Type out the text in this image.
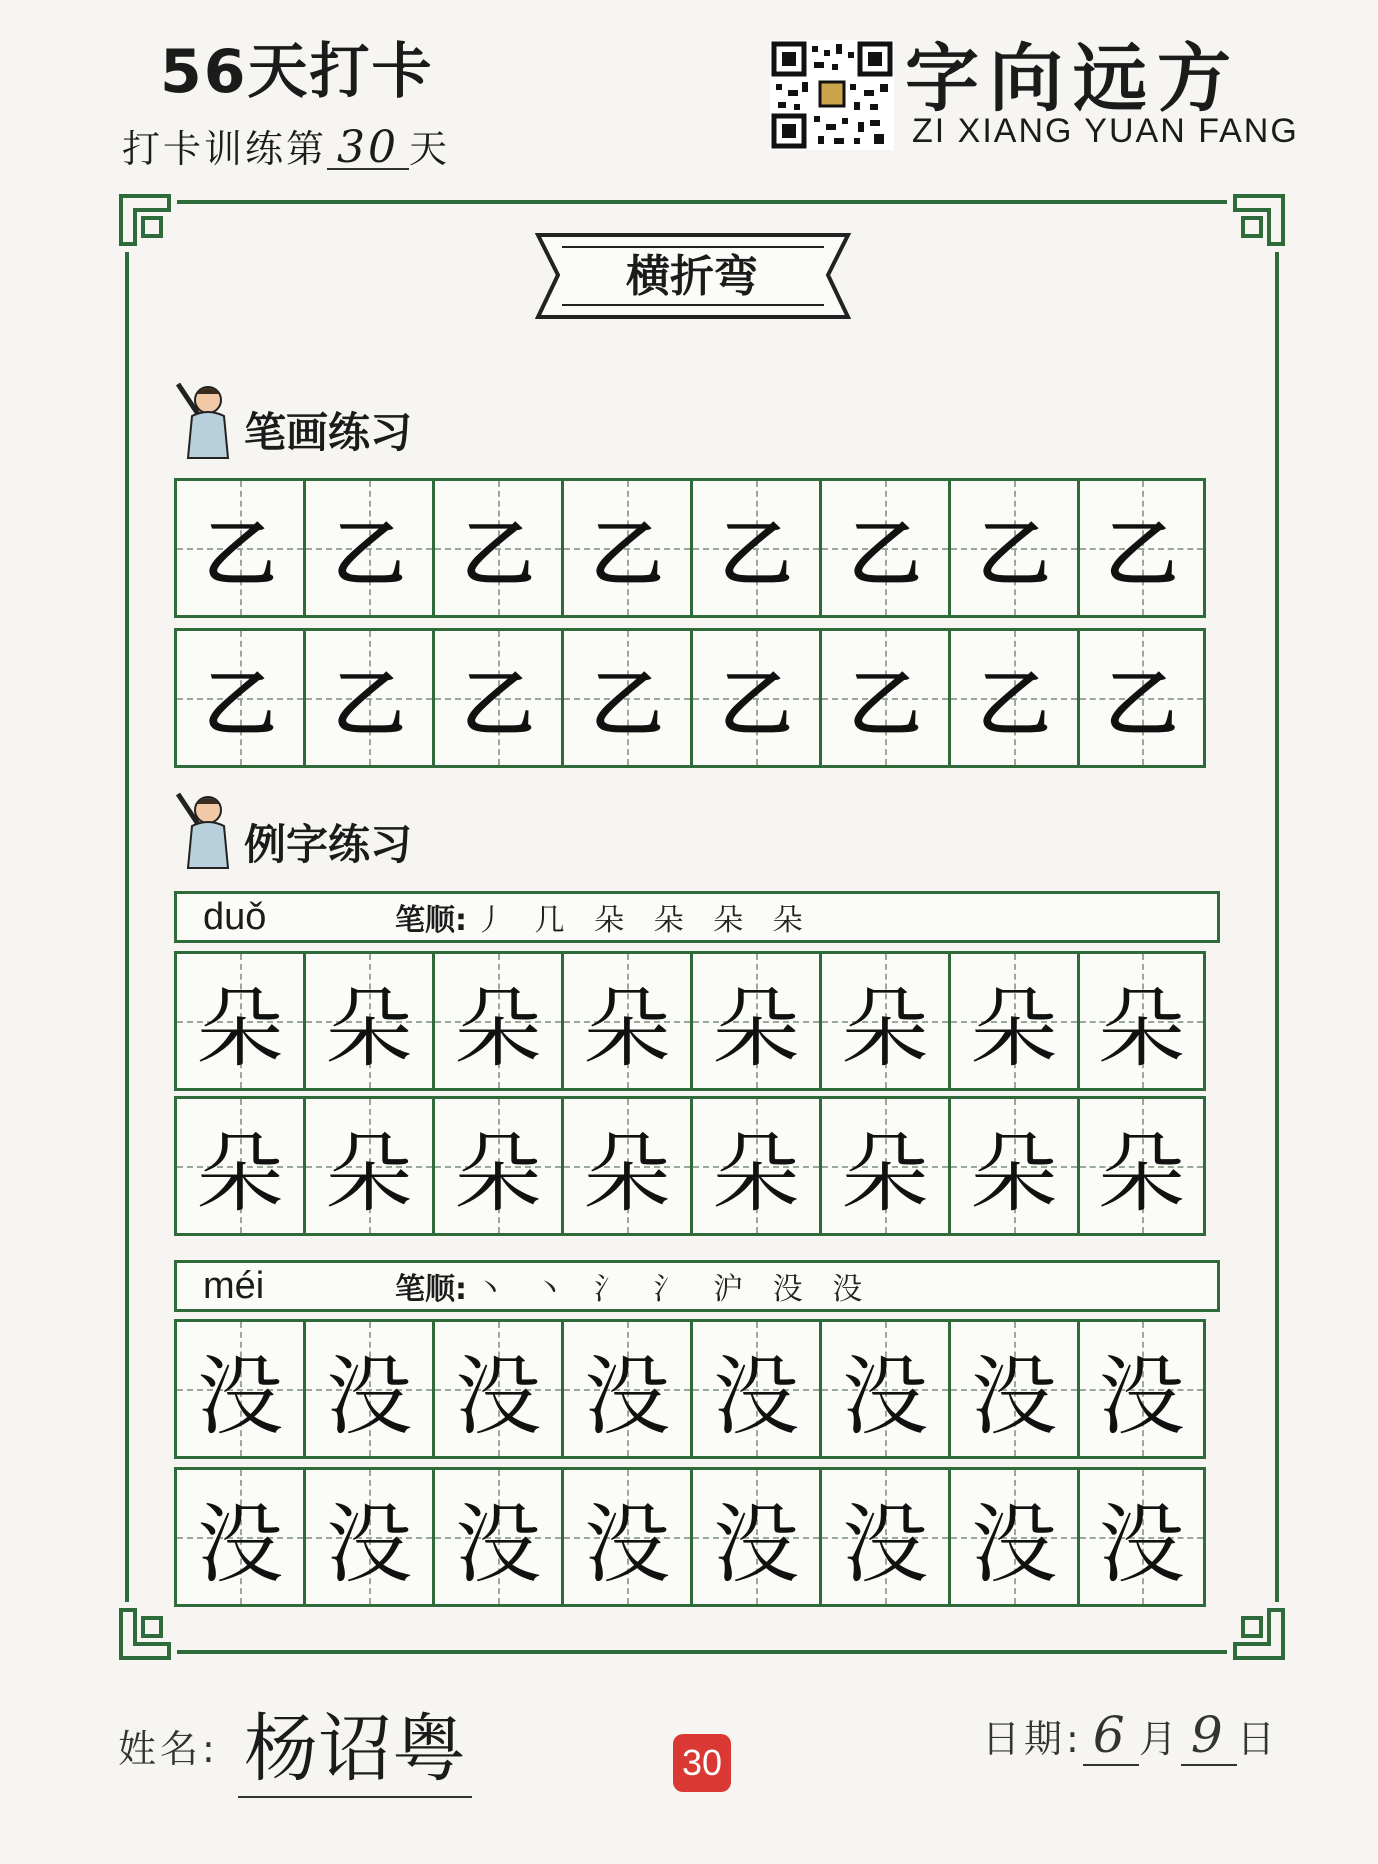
56天打卡
打卡训练第 30 天
字向远方
ZI XIANG YUAN FANG
横折弯
笔画练习
乙 乙 乙 乙 乙 乙 乙 乙
乙 乙 乙 乙 乙 乙 乙 乙
例字练习
duǒ	笔顺: 丿 几 朵 朵 朵 朵
朵 朵 朵 朵 朵 朵 朵 朵
朵 朵 朵 朵 朵 朵 朵 朵
méi	笔顺: 丶 丶 氵 氵 沪 没 没
没 没 没 没 没 没 没 没
没 没 没 没 没 没 没 没
姓名: 杨诏粤	30
日期: 6 月 9 日
